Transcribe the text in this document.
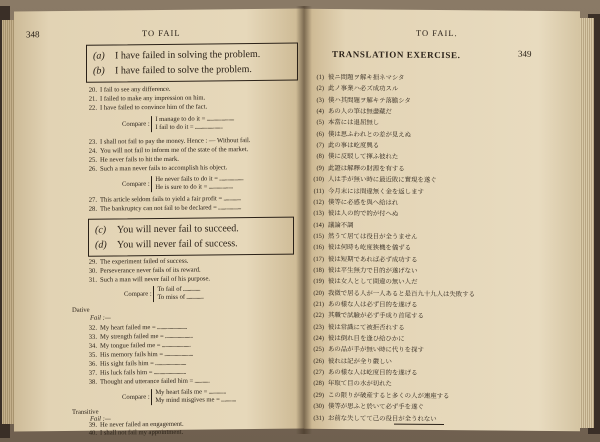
348	TO FAIL
(a) I have failed in solving the problem.
(b) I have failed to solve the problem.
20. I fail to see any difference.
21. I failed to make any impression on him.
22. I have failed to convince him of the fact.
Compare : I manage to do it = ........................
I fail to do it = ........................
23. I shall not fail to pay the money. Hence : — Without fail.
24. You will not fail to inform me of the state of the market.
25. He never fails to hit the mark.
26. Such a man never fails to accomplish his object.
Compare : He never fails to do it = .....................
He is sure to do it = .....................
27. This article seldom fails to yield a fair profit = ...............
28. The bankruptcy can not fail to be declared = ....................
(c) You will never fail to succeed.
(d) You will never fail of success.
29. The experiment failed of success.
30. Perseverance never fails of its reward.
31. Such a man will never fail of his purpose.
Compare : To fail of ...............
To miss of ...............
Dative
Fail :—
32. My heart failed me = ..........................
33. My strength failed me = ........................
34. My tongue failed me = .........................
35. His memory fails him = .........................
36. His sight fails him = ...........................
37. His luck fails him = ............................
38. Thought and utterance failed him = .............
Compare : My heart fails me = ...............
My mind misgives me = .............
Transitive
Fail :—
39. He never failed an engagement.
40. I shall not fail my appointment.
TO FAIL.
349
TRANSLATION EXERCISE.
(1) 彼ニ問題ヲ解キ損ネマシタ
(2) 此ノ事業ハ必ズ成功スル
(3) 僕ハ其問題ヲ解キテ落膽シタ
(4) あの人の筆は無盡藏だ
(5) 本當には退屈無し
(6) 僕は思ふわれとの差が見えぬ
(7) 此の事は屹度興る
(8) 僕に反駁して揮ふ彼れた
(9) 此證は解釋の財源を有する
(10) 人は手が無い時に最近敗に實現を遂ぐ
(11) 今月末には間違無く金を返します
(12) 僕等に必感を與へ給はれ
(13) 彼は人の的で的が付へぬ
(14) 議論不調
(15) 然うて居ては役目が全うません
(16) 彼は何時も屹度狭機を儀ずる
(17) 彼は短期であれば必ず成功する
(18) 彼は平生無力で目的が遂げない
(19) 彼は女人として間違の無い人だ
(20) 我微で居る人が一人あると是百九十九人は失敗する
(21) あの樣な人は必ず目的を遂げる
(22) 其職で試驗が必ず手成り首尾する
(23) 彼は常識にて被拒否れする
(24) 彼は倒れ目を逢ひ給ひかに
(25) あの品が手が無い時に代りを探す
(26) 彼れは記が全り嚴しい
(27) あの樣な人は屹度目的を遂げる
(28) 年取て目の水が切れた
(29) この限りが破産すると多くの人が連座する
(30) 僕等が思ふと於いて必ず手を遂ぐ
(31) お前な失してて己の役目が全うれない
